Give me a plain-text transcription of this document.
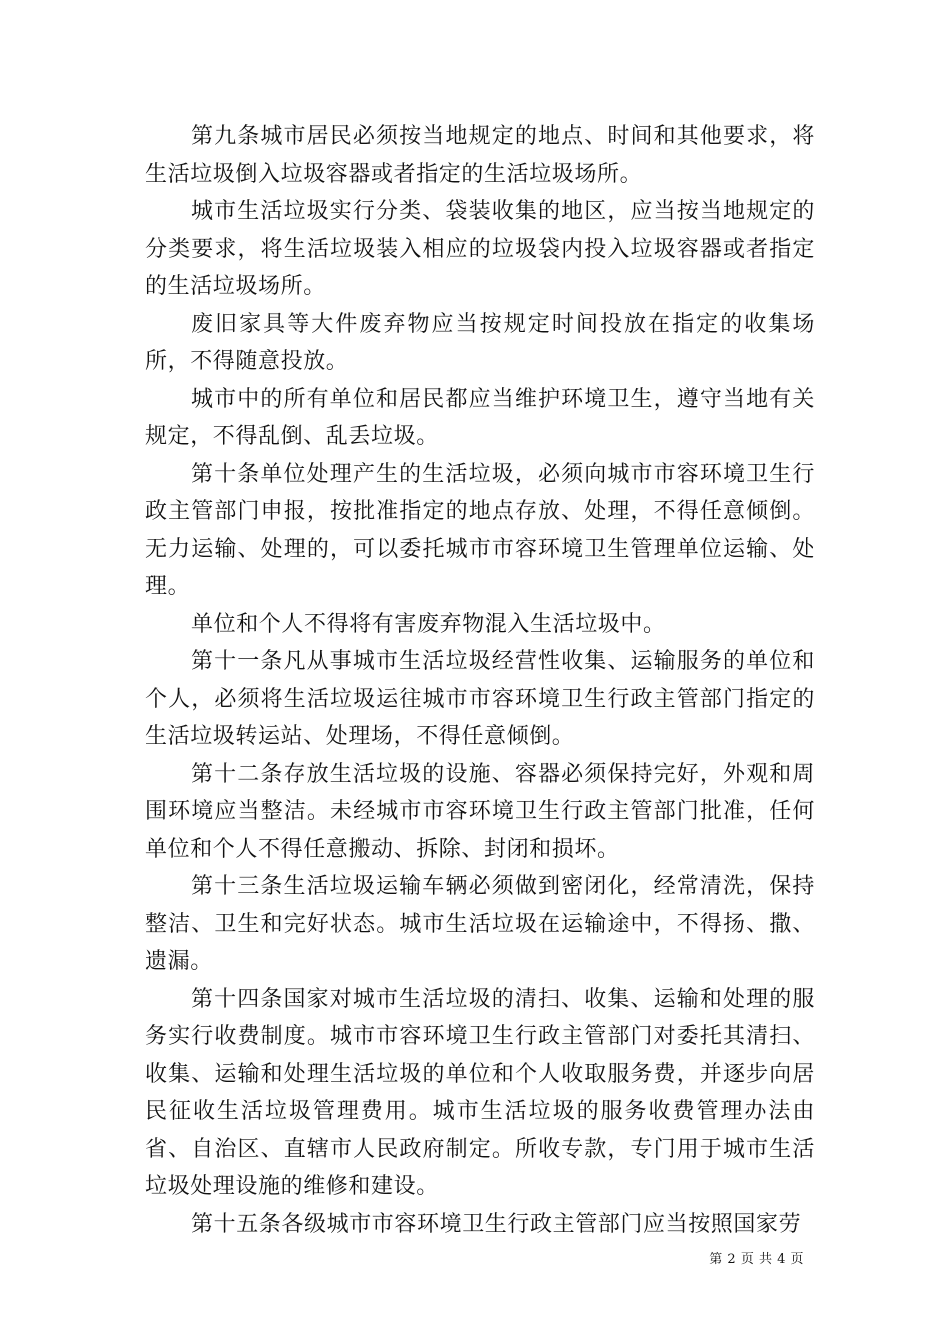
第九条城市居民必须按当地规定的地点、时间和其他要求，将生活垃圾倒入垃圾容器或者指定的生活垃圾场所。

城市生活垃圾实行分类、袋装收集的地区，应当按当地规定的分类要求，将生活垃圾装入相应的垃圾袋内投入垃圾容器或者指定的生活垃圾场所。

废旧家具等大件废弃物应当按规定时间投放在指定的收集场所，不得随意投放。

城市中的所有单位和居民都应当维护环境卫生，遵守当地有关规定，不得乱倒、乱丢垃圾。

第十条单位处理产生的生活垃圾，必须向城市市容环境卫生行政主管部门申报，按批准指定的地点存放、处理，不得任意倾倒。无力运输、处理的，可以委托城市市容环境卫生管理单位运输、处理。

单位和个人不得将有害废弃物混入生活垃圾中。

第十一条凡从事城市生活垃圾经营性收集、运输服务的单位和个人，必须将生活垃圾运往城市市容环境卫生行政主管部门指定的生活垃圾转运站、处理场，不得任意倾倒。

第十二条存放生活垃圾的设施、容器必须保持完好，外观和周围环境应当整洁。未经城市市容环境卫生行政主管部门批准，任何单位和个人不得任意搬动、拆除、封闭和损坏。

第十三条生活垃圾运输车辆必须做到密闭化，经常清洗，保持整洁、卫生和完好状态。城市生活垃圾在运输途中，不得扬、撒、遗漏。

第十四条国家对城市生活垃圾的清扫、收集、运输和处理的服务实行收费制度。城市市容环境卫生行政主管部门对委托其清扫、收集、运输和处理生活垃圾的单位和个人收取服务费，并逐步向居民征收生活垃圾管理费用。城市生活垃圾的服务收费管理办法由省、自治区、直辖市人民政府制定。所收专款，专门用于城市生活垃圾处理设施的维修和建设。

第十五条各级城市市容环境卫生行政主管部门应当按照国家劳

第 2 页 共 4 页
